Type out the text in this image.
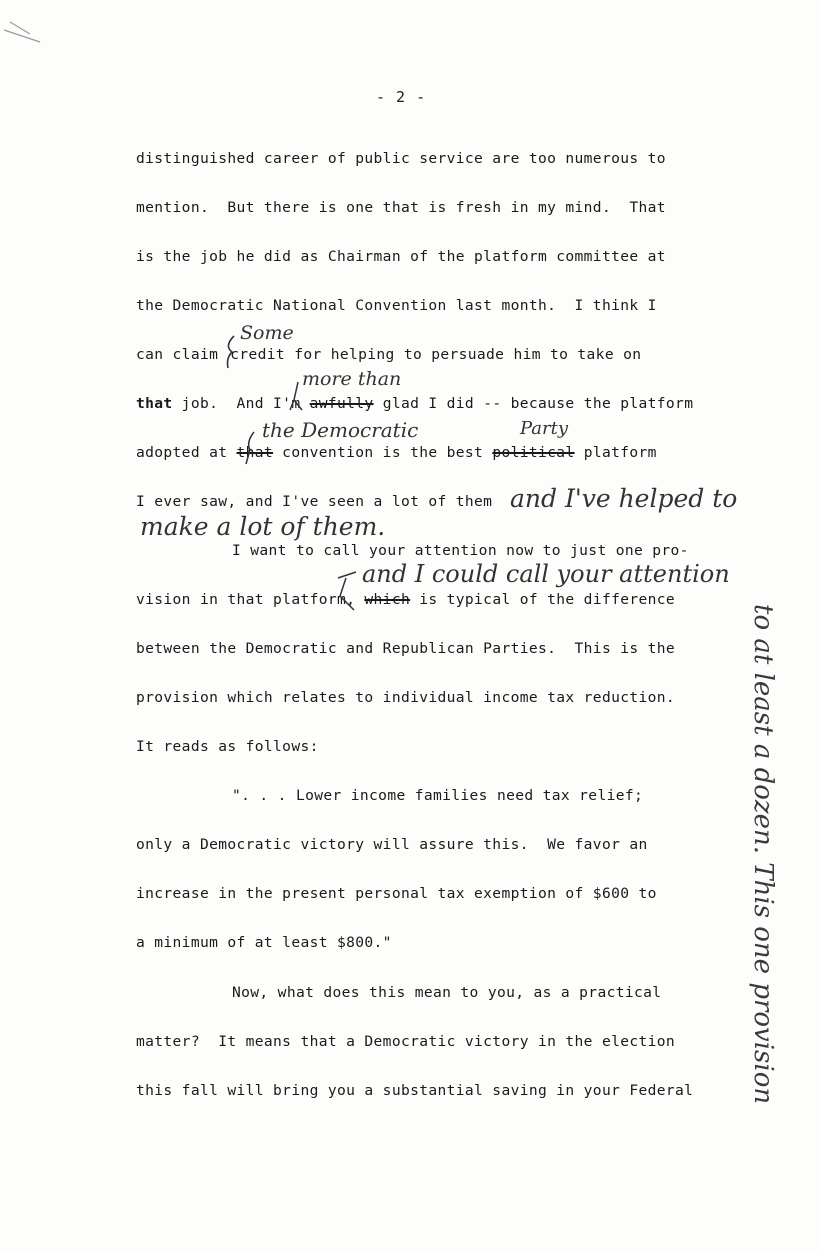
- 2 -
distinguished career of public service are too numerous to
mention.  But there is one that is fresh in my mind.  That
is the job he did as Chairman of the platform committee at
the Democratic National Convention last month.  I think I
can claim credit for helping to persuade him to take on
Some
that job.  And I'm awfully glad I did -- because the platform
more than
adopted at that convention is the best political platform
the Democratic	Party
I ever saw, and I've seen a lot of them and I've helped to
make a lot of them.
I want to call your attention now to just one pro-
vision in that platform, which is typical of the difference
and I could call your attention
between the Democratic and Republican Parties.  This is the
provision which relates to individual income tax reduction.
It reads as follows:
". . . Lower income families need tax relief;
only a Democratic victory will assure this.  We favor an
increase in the present personal tax exemption of $600 to
a minimum of at least $800."
Now, what does this mean to you, as a practical
matter?  It means that a Democratic victory in the election
this fall will bring you a substantial saving in your Federal to at least a dozen. This one provision
